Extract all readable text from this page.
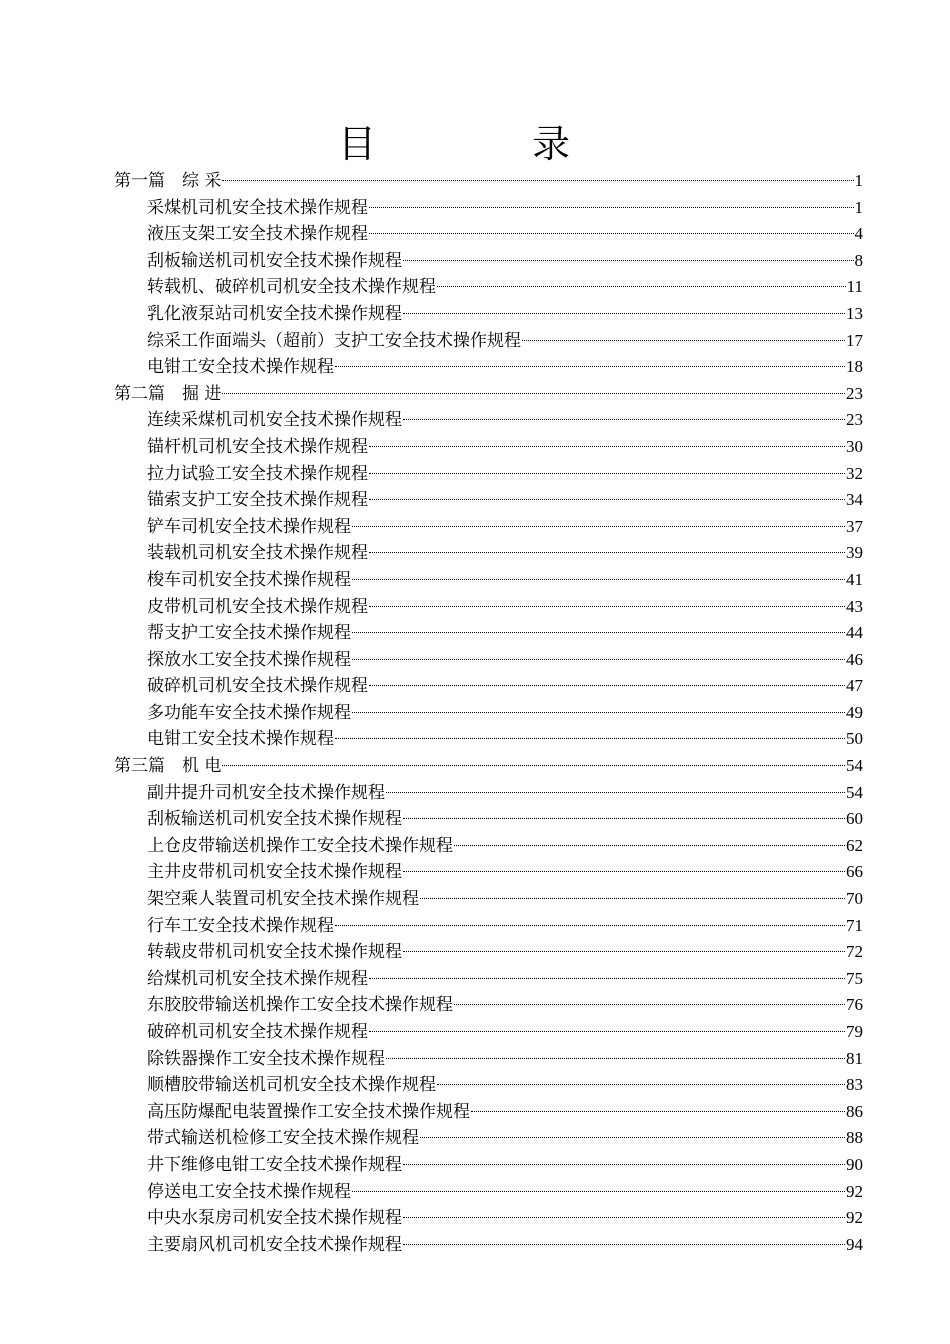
目 录
第一篇　综 采	1
采煤机司机安全技术操作规程	1
液压支架工安全技术操作规程	4
刮板输送机司机安全技术操作规程	8
转载机、破碎机司机安全技术操作规程	11
乳化液泵站司机安全技术操作规程	13
综采工作面端头（超前）支护工安全技术操作规程	17
电钳工安全技术操作规程	18
第二篇　掘 进	23
连续采煤机司机安全技术操作规程	23
锚杆机司机安全技术操作规程	30
拉力试验工安全技术操作规程	32
锚索支护工安全技术操作规程	34
铲车司机安全技术操作规程	37
装载机司机安全技术操作规程	39
梭车司机安全技术操作规程	41
皮带机司机安全技术操作规程	43
帮支护工安全技术操作规程	44
探放水工安全技术操作规程	46
破碎机司机安全技术操作规程	47
多功能车安全技术操作规程	49
电钳工安全技术操作规程	50
第三篇　机 电	54
副井提升司机安全技术操作规程	54
刮板输送机司机安全技术操作规程	60
上仓皮带输送机操作工安全技术操作规程	62
主井皮带机司机安全技术操作规程	66
架空乘人装置司机安全技术操作规程	70
行车工安全技术操作规程	71
转载皮带机司机安全技术操作规程	72
给煤机司机安全技术操作规程	75
东胶胶带输送机操作工安全技术操作规程	76
破碎机司机安全技术操作规程	79
除铁器操作工安全技术操作规程	81
顺槽胶带输送机司机安全技术操作规程	83
高压防爆配电装置操作工安全技术操作规程	86
带式输送机检修工安全技术操作规程	88
井下维修电钳工安全技术操作规程	90
停送电工安全技术操作规程	92
中央水泵房司机安全技术操作规程	92
主要扇风机司机安全技术操作规程	94
